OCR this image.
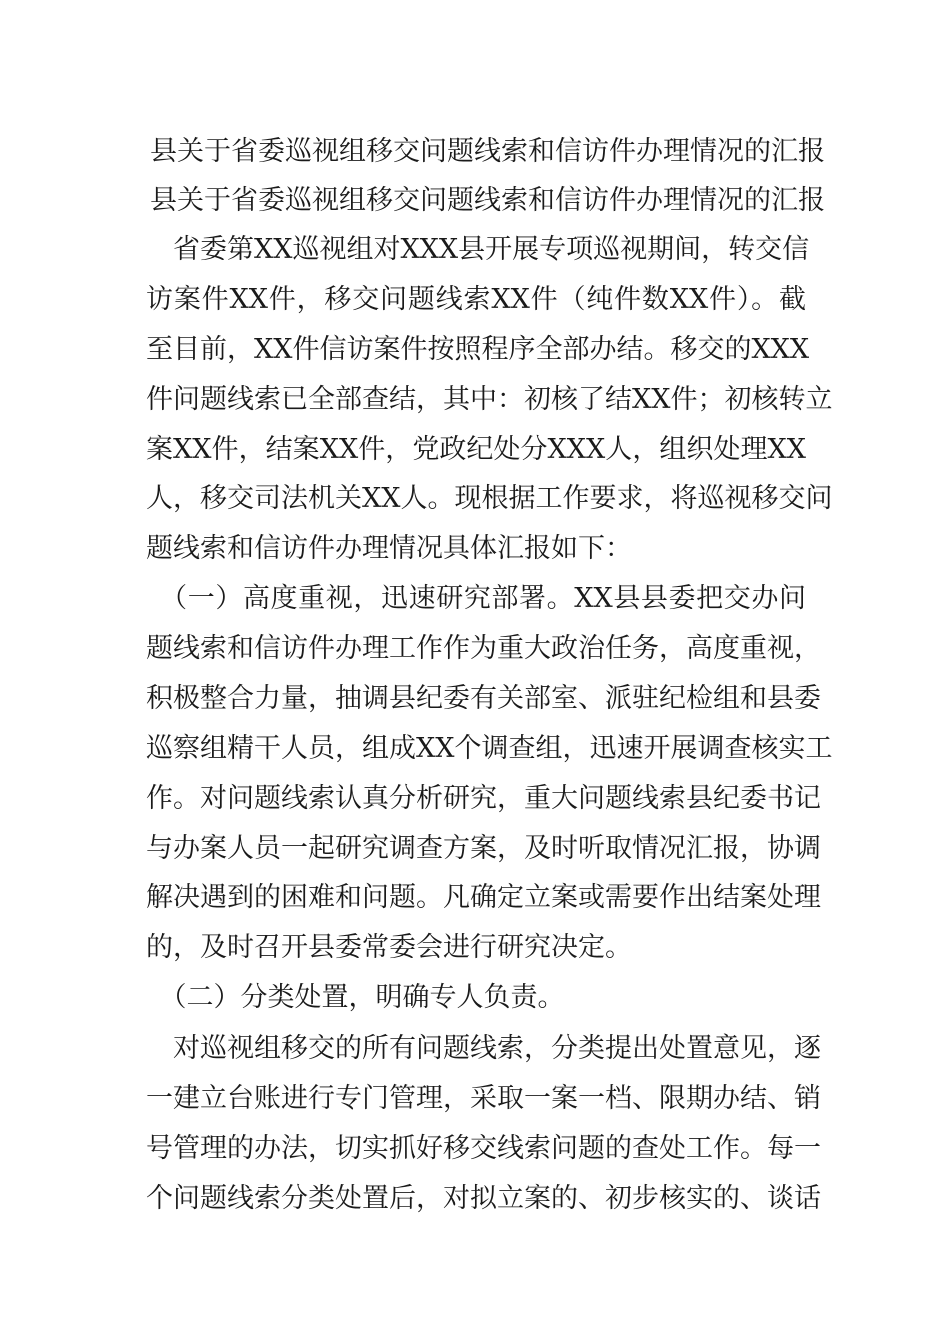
县关于省委巡视组移交问题线索和信访件办理情况的汇报
县关于省委巡视组移交问题线索和信访件办理情况的汇报
　省委第XX巡视组对XXX县开展专项巡视期间，转交信
访案件XX件，移交问题线索XX件（纯件数XX件）。截
至目前，XX件信访案件按照程序全部办结。移交的XXX
件问题线索已全部查结，其中：初核了结XX件；初核转立
案XX件，结案XX件，党政纪处分XXX人，组织处理XX
人，移交司法机关XX人。现根据工作要求，将巡视移交问
题线索和信访件办理情况具体汇报如下：
　（一）高度重视，迅速研究部署。XX县县委把交办问
题线索和信访件办理工作作为重大政治任务，高度重视，
积极整合力量，抽调县纪委有关部室、派驻纪检组和县委
巡察组精干人员，组成XX个调查组，迅速开展调查核实工
作。对问题线索认真分析研究，重大问题线索县纪委书记
与办案人员一起研究调查方案，及时听取情况汇报，协调
解决遇到的困难和问题。凡确定立案或需要作出结案处理
的，及时召开县委常委会进行研究决定。
　（二）分类处置，明确专人负责。
　对巡视组移交的所有问题线索，分类提出处置意见，逐
一建立台账进行专门管理，采取一案一档、限期办结、销
号管理的办法，切实抓好移交线索问题的查处工作。每一
个问题线索分类处置后，对拟立案的、初步核实的、谈话
